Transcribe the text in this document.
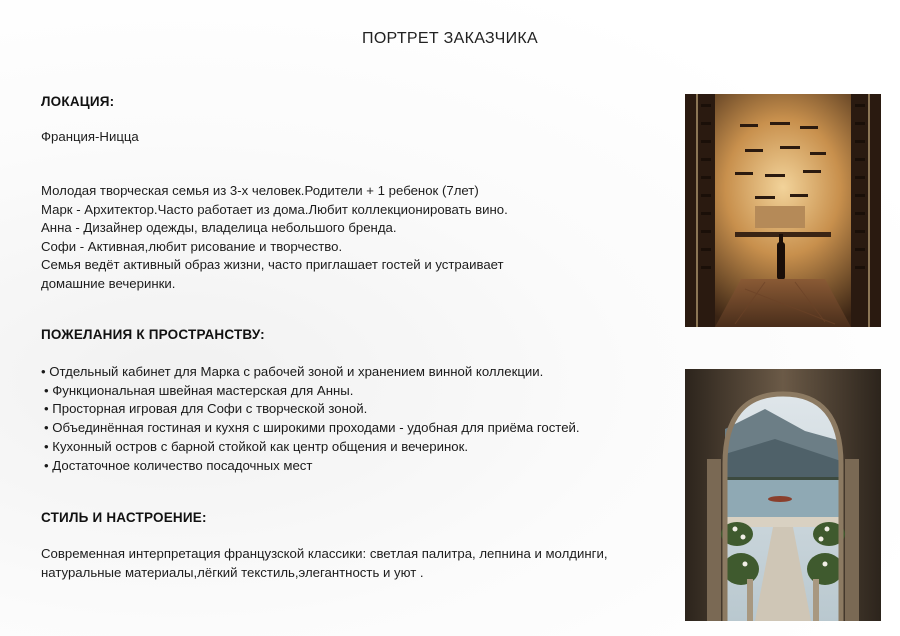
ПОРТРЕТ ЗАКАЗЧИКА
ЛОКАЦИЯ:
Франция-Ницца
Молодая творческая семья из 3-х человек.Родители + 1 ребенок (7лет)
Марк - Архитектор.Часто работает из дома.Любит коллекционировать вино.
Анна - Дизайнер одежды, владелица небольшого бренда.
Софи - Активная,любит рисование и творчество.
Семья ведёт активный образ жизни, часто приглашает гостей и устраивает
домашние вечеринки.
ПОЖЕЛАНИЯ К ПРОСТРАНСТВУ:
• Отдельный кабинет для Марка с рабочей зоной и хранением винной коллекции.
• Функциональная швейная мастерская для Анны.
• Просторная игровая для Софи с творческой зоной.
• Объединённая гостиная и кухня с широкими проходами - удобная для приёма гостей.
• Кухонный остров с барной стойкой как центр общения и вечеринок.
• Достаточное количество посадочных мест
СТИЛЬ И НАСТРОЕНИЕ:
Современная интерпретация французской классики: светлая палитра, лепнина и молдинги,
натуральные материалы,лёгкий текстиль,элегантность и уют .
